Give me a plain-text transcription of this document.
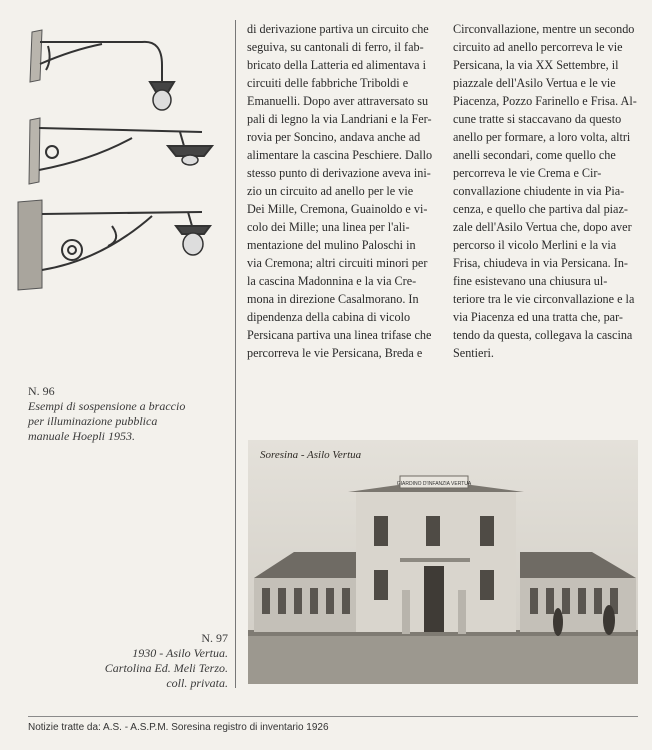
di derivazione partiva un circuito che
seguiva, su cantonali di ferro, il fab-
bricato della Latteria ed alimentava i
circuiti delle fabbriche Triboldi e
Emanuelli. Dopo aver attraversato su
pali di legno la via Landriani e la Fer-
rovia per Soncino, andava anche ad
alimentare la cascina Peschiere. Dallo
stesso punto di derivazione aveva ini-
zio un circuito ad anello per le vie
Dei Mille, Cremona, Guainoldo e vi-
colo dei Mille; una linea per l'ali-
mentazione del mulino Paloschi in
via Cremona; altri circuiti minori per
la cascina Madonnina e la via Cre-
mona in direzione Casalmorano. In
dipendenza della cabina di vicolo
Persicana partiva una linea trifase che
percorreva le vie Persicana, Breda e
Circonvallazione, mentre un secondo
circuito ad anello percorreva le vie
Persicana, la via XX Settembre, il
piazzale dell'Asilo Vertua e le vie
Piacenza, Pozzo Farinello e Frisa. Al-
cune tratte si staccavano da questo
anello per formare, a loro volta, altri
anelli secondari, come quello che
percorreva le vie Crema e Cir-
convallazione chiudente in via Pia-
cenza, e quello che partiva dal piaz-
zale dell'Asilo Vertua che, dopo aver
percorso il vicolo Merlini e la via
Frisa, chiudeva in via Persicana. In-
fine esistevano una chiusura ul-
teriore tra le vie circonvallazione e la
via Piacenza ed una tratta che, par-
tendo da questa, collegava la cascina
Sentieri.
N. 96
Esempi di sospensione a braccio
per illuminazione pubblica
manuale Hoepli 1953.
N. 97
1930 - Asilo Vertua.
Cartolina Ed. Meli Terzo.
coll. privata.
GIARDINO D'INFANZIA VERTUA
Soresina - Asilo Vertua
Notizie tratte da: A.S. - A.S.P.M. Soresina registro di inventario 1926
